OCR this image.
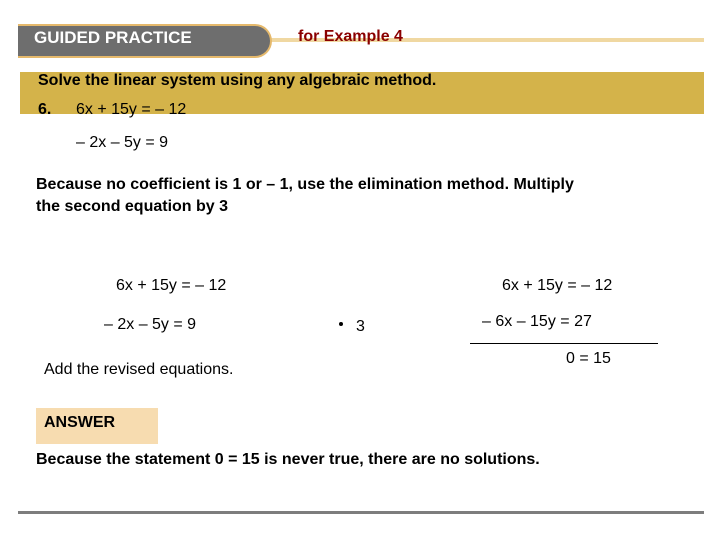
GUIDED PRACTICE	for Example 4
Solve the linear system using any algebraic method.
6. 6x + 15y = – 12
– 2x – 5y = 9
Because no coefficient is 1 or – 1, use the elimination method. Multiply
the second equation by 3
6x + 15y = – 12
– 2x – 5y = 9	3
6x + 15y = – 12
– 6x – 15y = 27
0 = 15
Add the revised equations.
ANSWER
Because the statement 0 = 15 is never true, there are no solutions.
